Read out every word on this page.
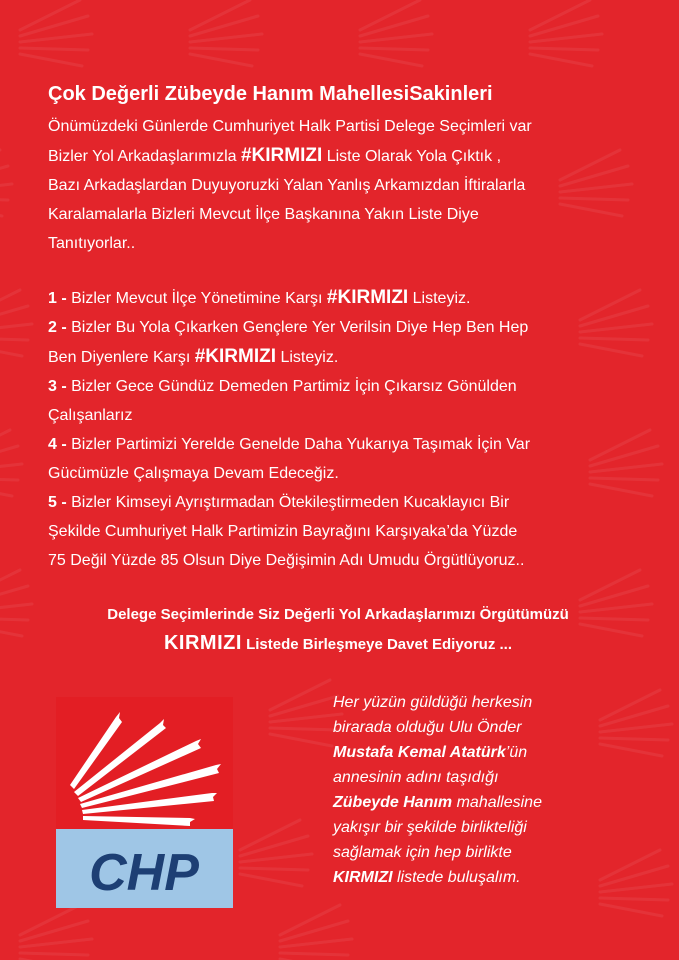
Çok Değerli Zübeyde Hanım MahellesiSakinleri
Önümüzdeki Günlerde Cumhuriyet Halk Partisi Delege Seçimleri var
Bizler Yol Arkadaşlarımızla #KIRMIZI Liste Olarak Yola Çıktık ,
Bazı Arkadaşlardan Duyuyoruzki Yalan Yanlış Arkamızdan İftiralarla
Karalamalarla Bizleri Mevcut İlçe Başkanına Yakın Liste Diye
Tanıtıyorlar..
1 - Bizler Mevcut İlçe Yönetimine Karşı #KIRMIZI Listeyiz.
2 - Bizler Bu Yola Çıkarken Gençlere Yer Verilsin Diye Hep Ben Hep
Ben Diyenlere Karşı #KIRMIZI Listeyiz.
3 - Bizler Gece Gündüz Demeden Partimiz İçin Çıkarsız Gönülden
Çalışanlarız
4 - Bizler Partimizi Yerelde Genelde Daha Yukarıya Taşımak İçin Var
Gücümüzle Çalışmaya Devam Edeceğiz.
5 - Bizler Kimseyi Ayrıştırmadan Ötekileştirmeden Kucaklayıcı Bir
Şekilde Cumhuriyet Halk Partimizin Bayrağını Karşıyaka’da Yüzde
75 Değil Yüzde 85 Olsun Diye Değişimin Adı Umudu Örgütlüyoruz..
Delege Seçimlerinde Siz Değerli Yol Arkadaşlarımızı Örgütümüzü
KIRMIZI Listede Birleşmeye Davet Ediyoruz ...
CHP
Her yüzün güldüğü herkesin
birarada olduğu Ulu Önder
Mustafa Kemal Atatürk’ün
annesinin adını taşıdığı
Zübeyde Hanım mahallesine
yakışır bir şekilde birlikteliği
sağlamak için hep birlikte
KIRMIZI listede buluşalım.
